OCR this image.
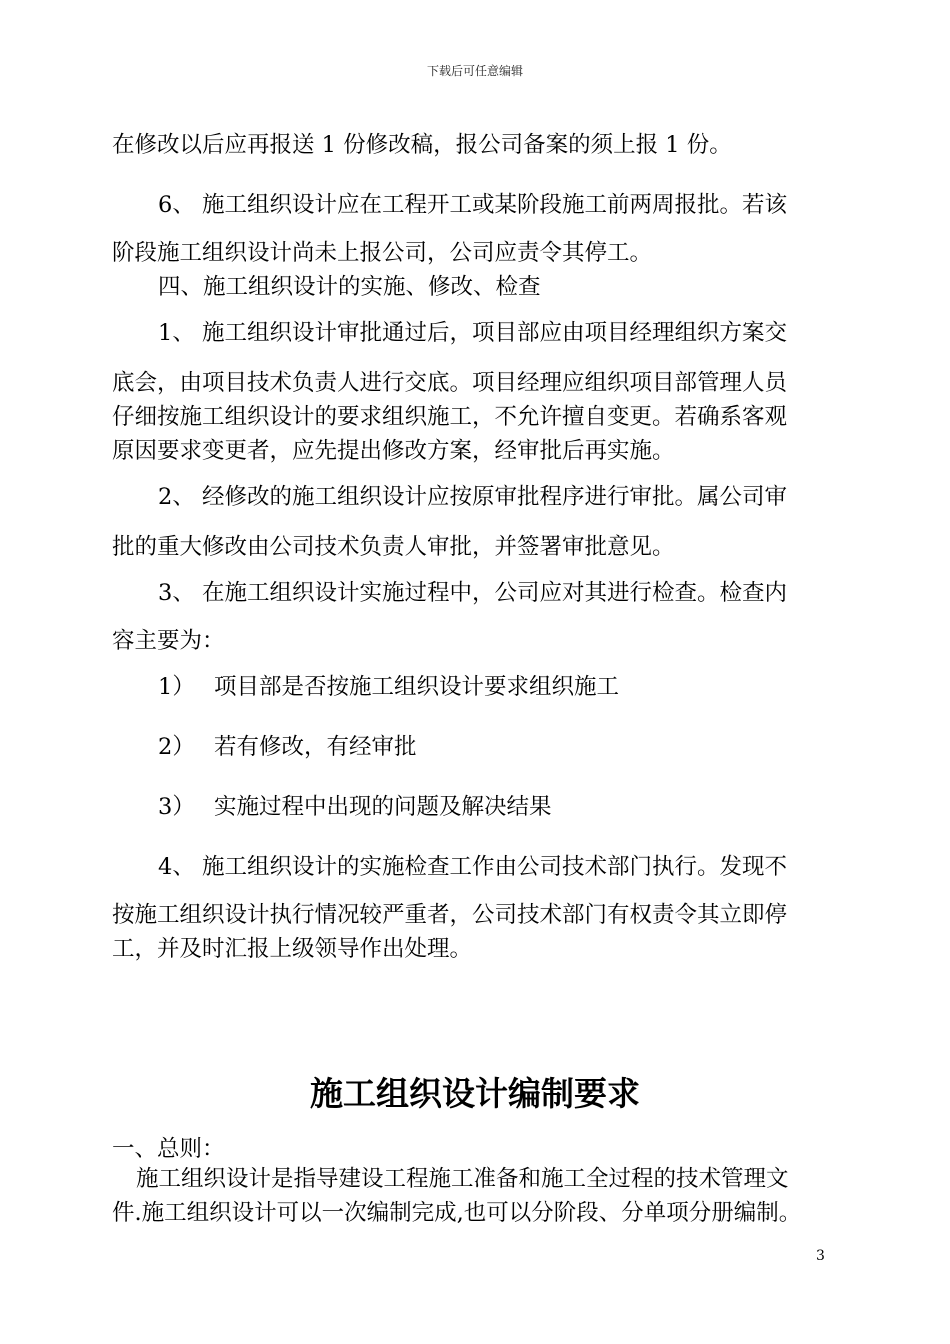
下载后可任意编辑
在修改以后应再报送 1 份修改稿，报公司备案的须上报 1 份。
6、 施工组织设计应在工程开工或某阶段施工前两周报批。若该
阶段施工组织设计尚未上报公司，公司应责令其停工。
四、施工组织设计的实施、修改、检查
1、 施工组织设计审批通过后，项目部应由项目经理组织方案交
底会，由项目技术负责人进行交底。项目经理应组织项目部管理人员
仔细按施工组织设计的要求组织施工，不允许擅自变更。若确系客观
原因要求变更者，应先提出修改方案，经审批后再实施。
2、 经修改的施工组织设计应按原审批程序进行审批。属公司审
批的重大修改由公司技术负责人审批，并签署审批意见。
3、 在施工组织设计实施过程中，公司应对其进行检查。检查内
容主要为：
1） 项目部是否按施工组织设计要求组织施工
2） 若有修改，有经审批
3） 实施过程中出现的问题及解决结果
4、 施工组织设计的实施检查工作由公司技术部门执行。发现不
按施工组织设计执行情况较严重者，公司技术部门有权责令其立即停
工，并及时汇报上级领导作出处理。
施工组织设计编制要求
一、总则：
施工组织设计是指导建设工程施工准备和施工全过程的技术管理文
件.施工组织设计可以一次编制完成,也可以分阶段、分单项分册编制。
3
